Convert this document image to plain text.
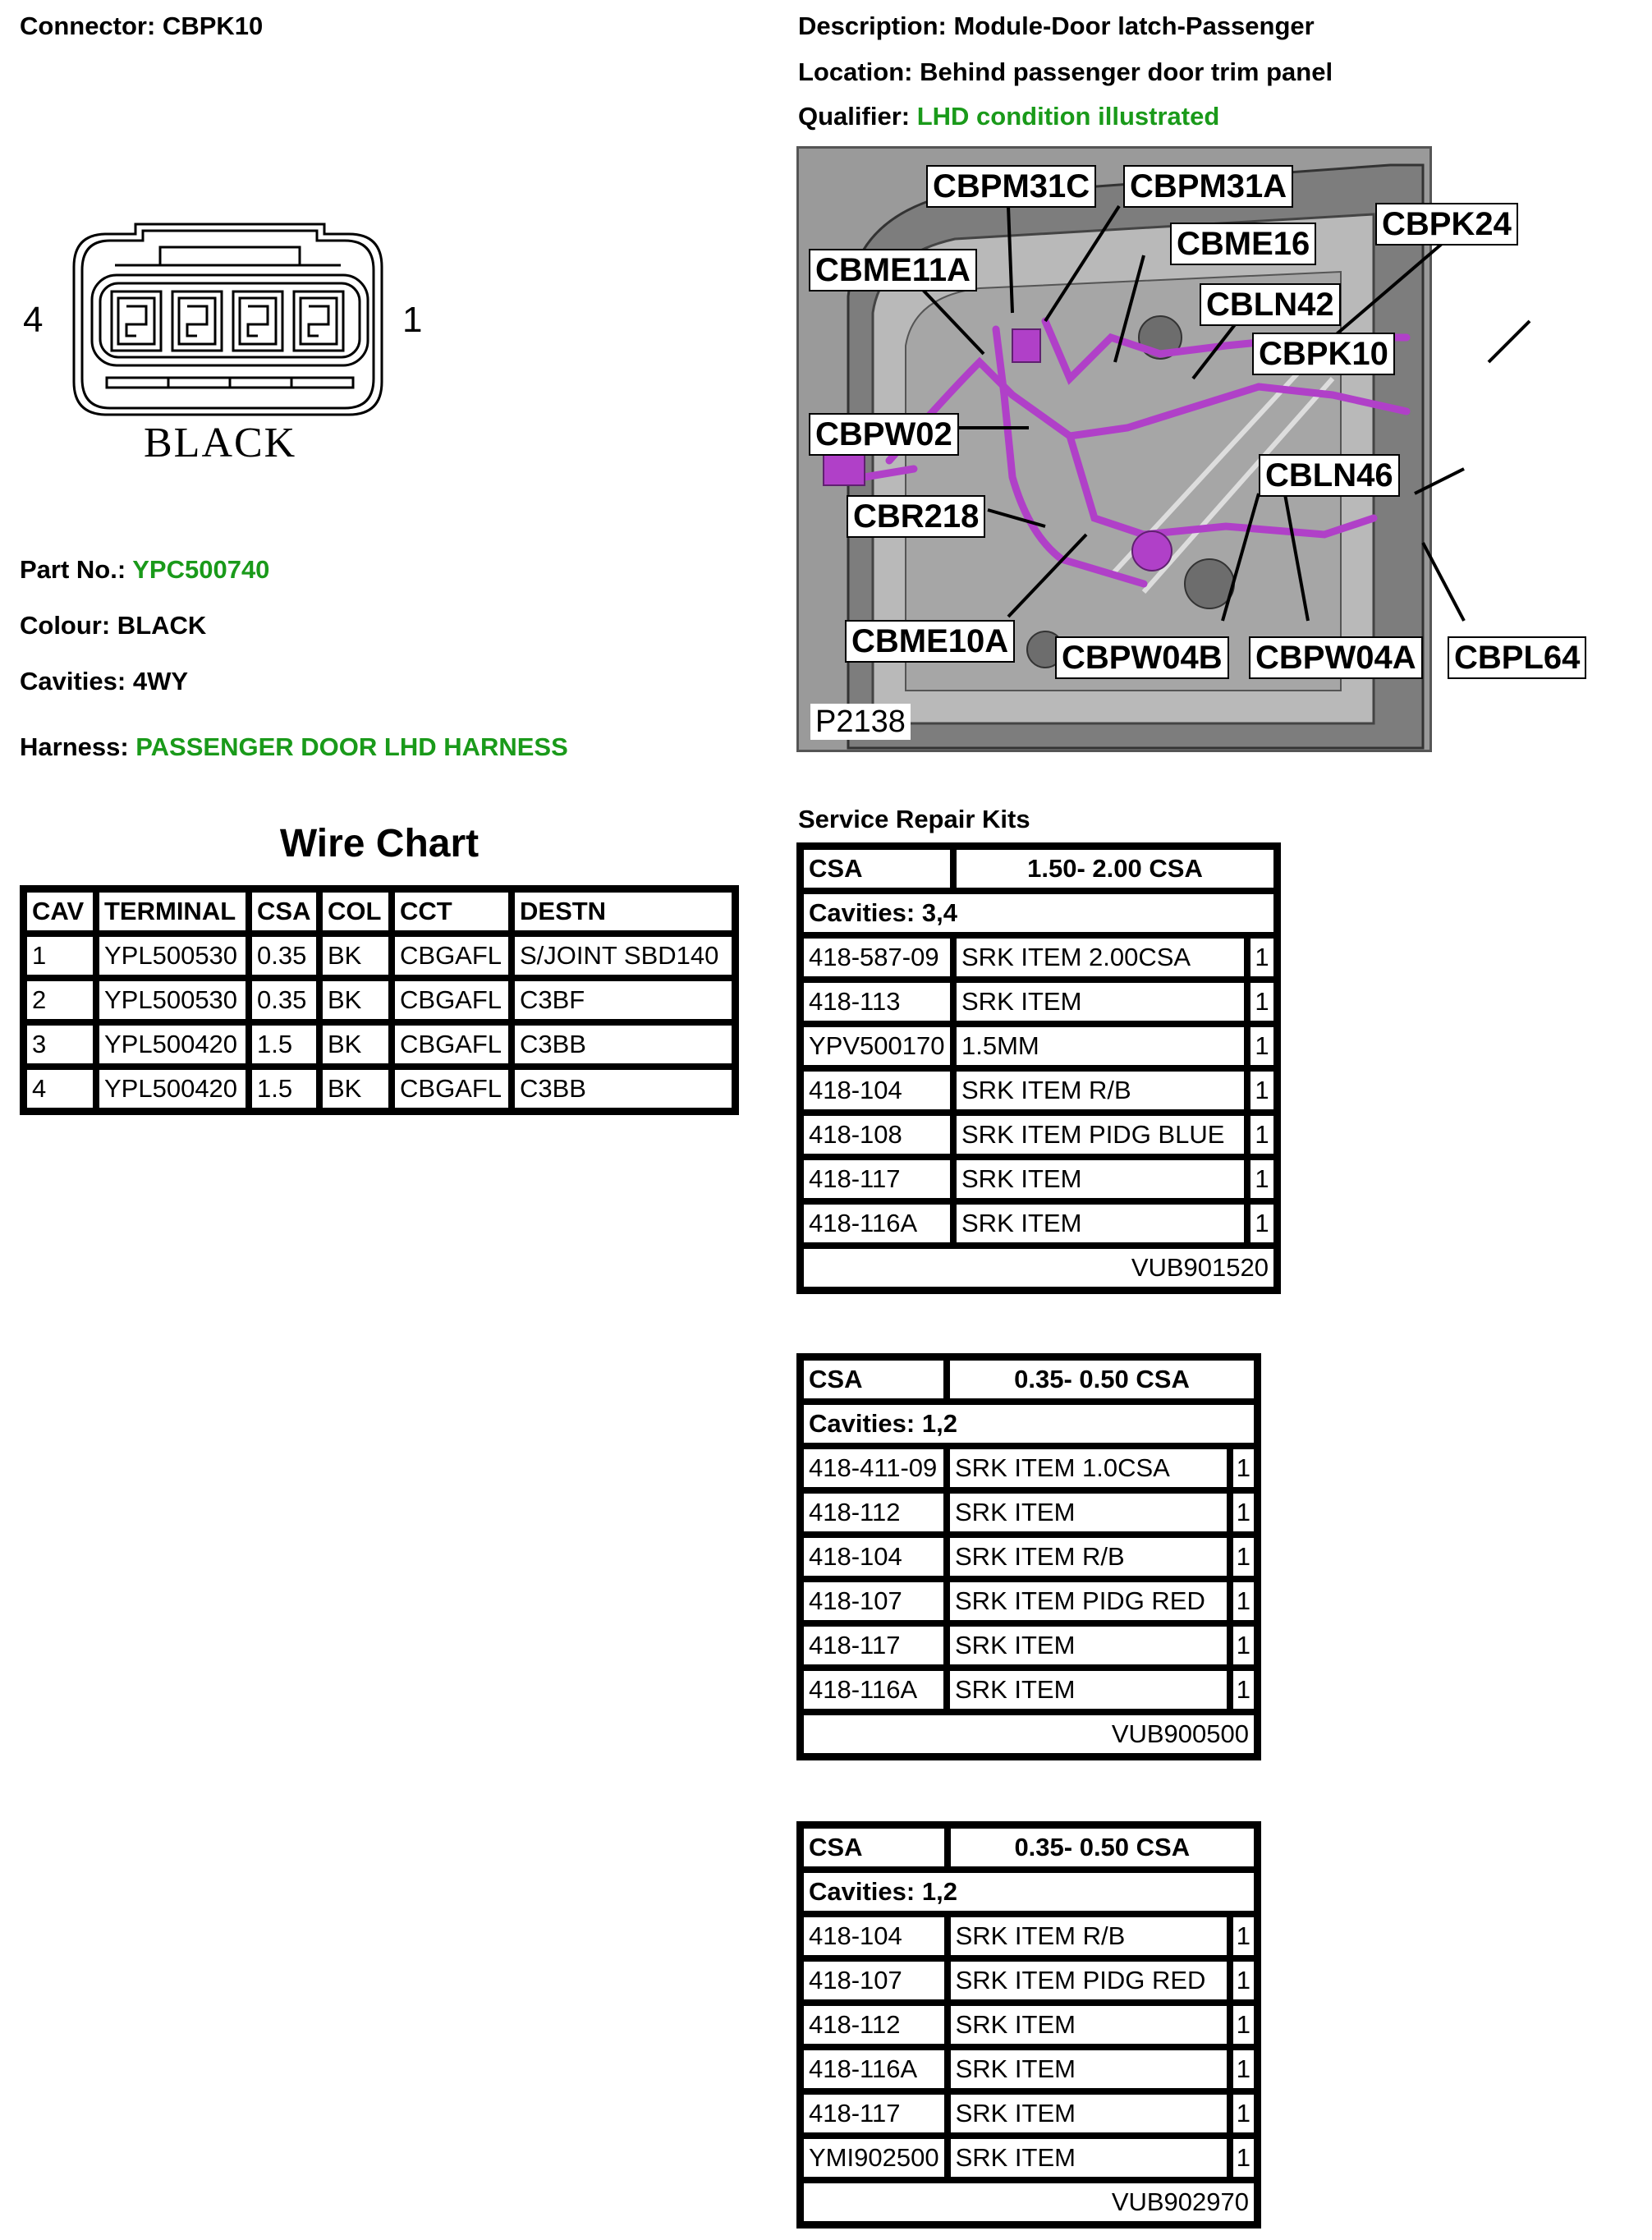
Connector: CBPK10	Description: Module-Door latch-Passenger
Location: Behind passenger door trim panel
Qualifier: LHD condition illustrated
4	1
BLACK
Part No.: YPC500740
Colour: BLACK
Cavities: 4WY
Harness: PASSENGER DOOR LHD HARNESS
Wire Chart
CAV	TERMINAL	CSA	COL	CCT	DESTN
1	YPL500530	0.35	BK	CBGAFL	S/JOINT SBD140
2	YPL500530	0.35	BK	CBGAFL	C3BF
3	YPL500420	1.5	BK	CBGAFL	C3BB
4	YPL500420	1.5	BK	CBGAFL	C3BB
CBPM31C CBPM31A
CBME11A
CBME16
CBPK24
CBLN42
CBPK10
CBPW02
CBLN46
CBR218
CBME10A CBPW04B CBPW04A CBPL64
P2138
Service Repair Kits
CSA	1.50- 2.00 CSA	
Cavities: 3,4		
418-587-09	SRK ITEM 2.00CSA	1
418-113	SRK ITEM	1
YPV500170	1.5MM	1
418-104	SRK ITEM R/B	1
418-108	SRK ITEM PIDG BLUE	1
418-117	SRK ITEM	1
418-116A	SRK ITEM	1
VUB901520		
CSA	0.35- 0.50 CSA	
Cavities: 1,2		
418-411-09	SRK ITEM 1.0CSA	1
418-112	SRK ITEM	1
418-104	SRK ITEM R/B	1
418-107	SRK ITEM PIDG RED	1
418-117	SRK ITEM	1
418-116A	SRK ITEM	1
VUB900500		
CSA	0.35- 0.50 CSA	
Cavities: 1,2		
418-104	SRK ITEM R/B	1
418-107	SRK ITEM PIDG RED	1
418-112	SRK ITEM	1
418-116A	SRK ITEM	1
418-117	SRK ITEM	1
YMI902500	SRK ITEM	1
VUB902970		
